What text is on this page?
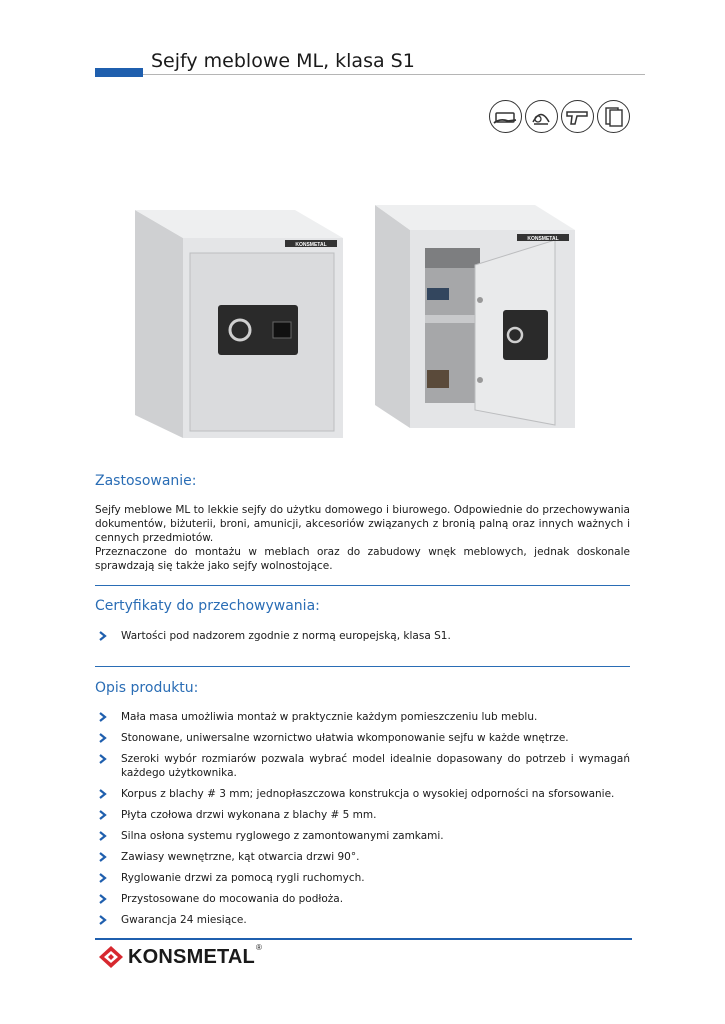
Sejfy meblowe ML, klasa S1
KONSMETAL
KONSMETAL
Zastosowanie:
Sejfy meblowe ML to lekkie sejfy do użytku domowego i biurowego. Odpowiednie do przechowywania dokumentów, biżuterii, broni, amunicji, akcesoriów związanych z bronią palną oraz innych ważnych i cennych przedmiotów.
Przeznaczone do montażu w meblach oraz do zabudowy wnęk meblowych, jednak doskonale sprawdzają się także jako sejfy wolnostojące.
Certyfikaty do przechowywania:
Wartości pod nadzorem zgodnie z normą europejską, klasa S1.
Opis produktu:
Mała masa umożliwia montaż w praktycznie każdym pomieszczeniu lub meblu.
Stonowane, uniwersalne wzornictwo ułatwia wkomponowanie sejfu w każde wnętrze.
Szeroki wybór rozmiarów pozwala wybrać model idealnie dopasowany do potrzeb i wymagań każdego użytkownika.
Korpus z blachy # 3 mm; jednopłaszczowa konstrukcja o wysokiej odporności na sforsowanie.
Płyta czołowa drzwi wykonana z blachy # 5 mm.
Silna osłona systemu ryglowego z zamontowanymi zamkami.
Zawiasy wewnętrzne, kąt otwarcia drzwi 90°.
Ryglowanie drzwi za pomocą rygli ruchomych.
Przystosowane do mocowania do podłoża.
Gwarancja 24 miesiące.
KONSMETAL ®
